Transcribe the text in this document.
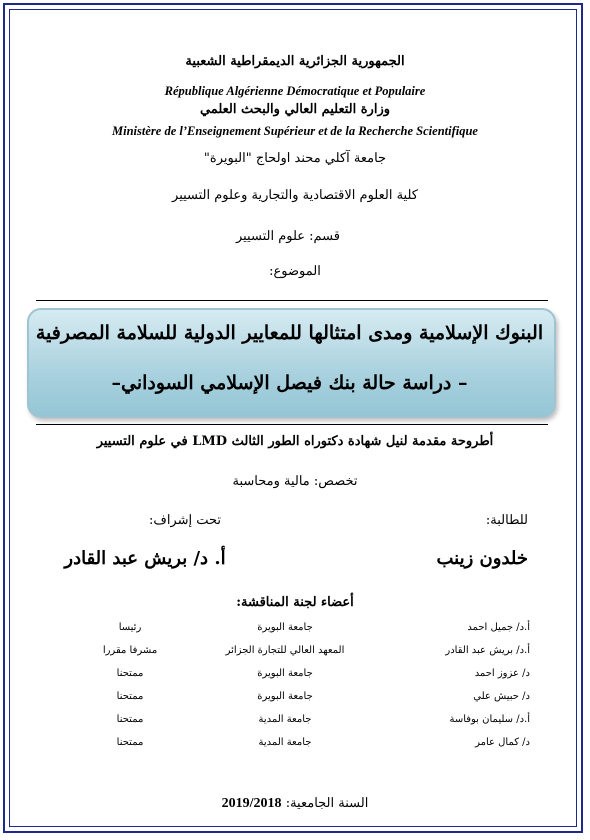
الجمهورية الجزائرية الديمقراطية الشعبية
République Algérienne Démocratique et Populaire
وزارة التعليم العالي والبحث العلمي
Ministère de l’Enseignement Supérieur et de la Recherche Scientifique
جامعة آكلي محند اولحاج "البويرة"
كلية العلوم الاقتصادية والتجارية وعلوم التسيير
قسم: علوم التسيير
الموضوع:
البنوك الإسلامية ومدى امتثالها للمعايير الدولية للسلامة المصرفية
– دراسة حالة بنك فيصل الإسلامي السوداني–
أطروحة مقدمة لنيل شهادة دكتوراه الطور الثالث LMD في علوم التسيير
تخصص: مالية ومحاسبة
للطالبة:
تحت إشراف:
خلدون زينب
أ. د/ بريش عبد القادر
أعضاء لجنة المناقشة:
أ.د/ جميل احمد
جامعة البويرة
رئيسا
أ.د/ بريش عبد القادر
المعهد العالي للتجارة الجزائر
مشرفا مقررا
د/ عزوز احمد
جامعة البويرة
ممتحنا
د/ حبيش علي
جامعة البويرة
ممتحنا
أ.د/ سليمان بوفاسة
جامعة المدية
ممتحنا
د/ كمال عامر
جامعة المدية
ممتحنا
السنة الجامعية: 2019/2018
